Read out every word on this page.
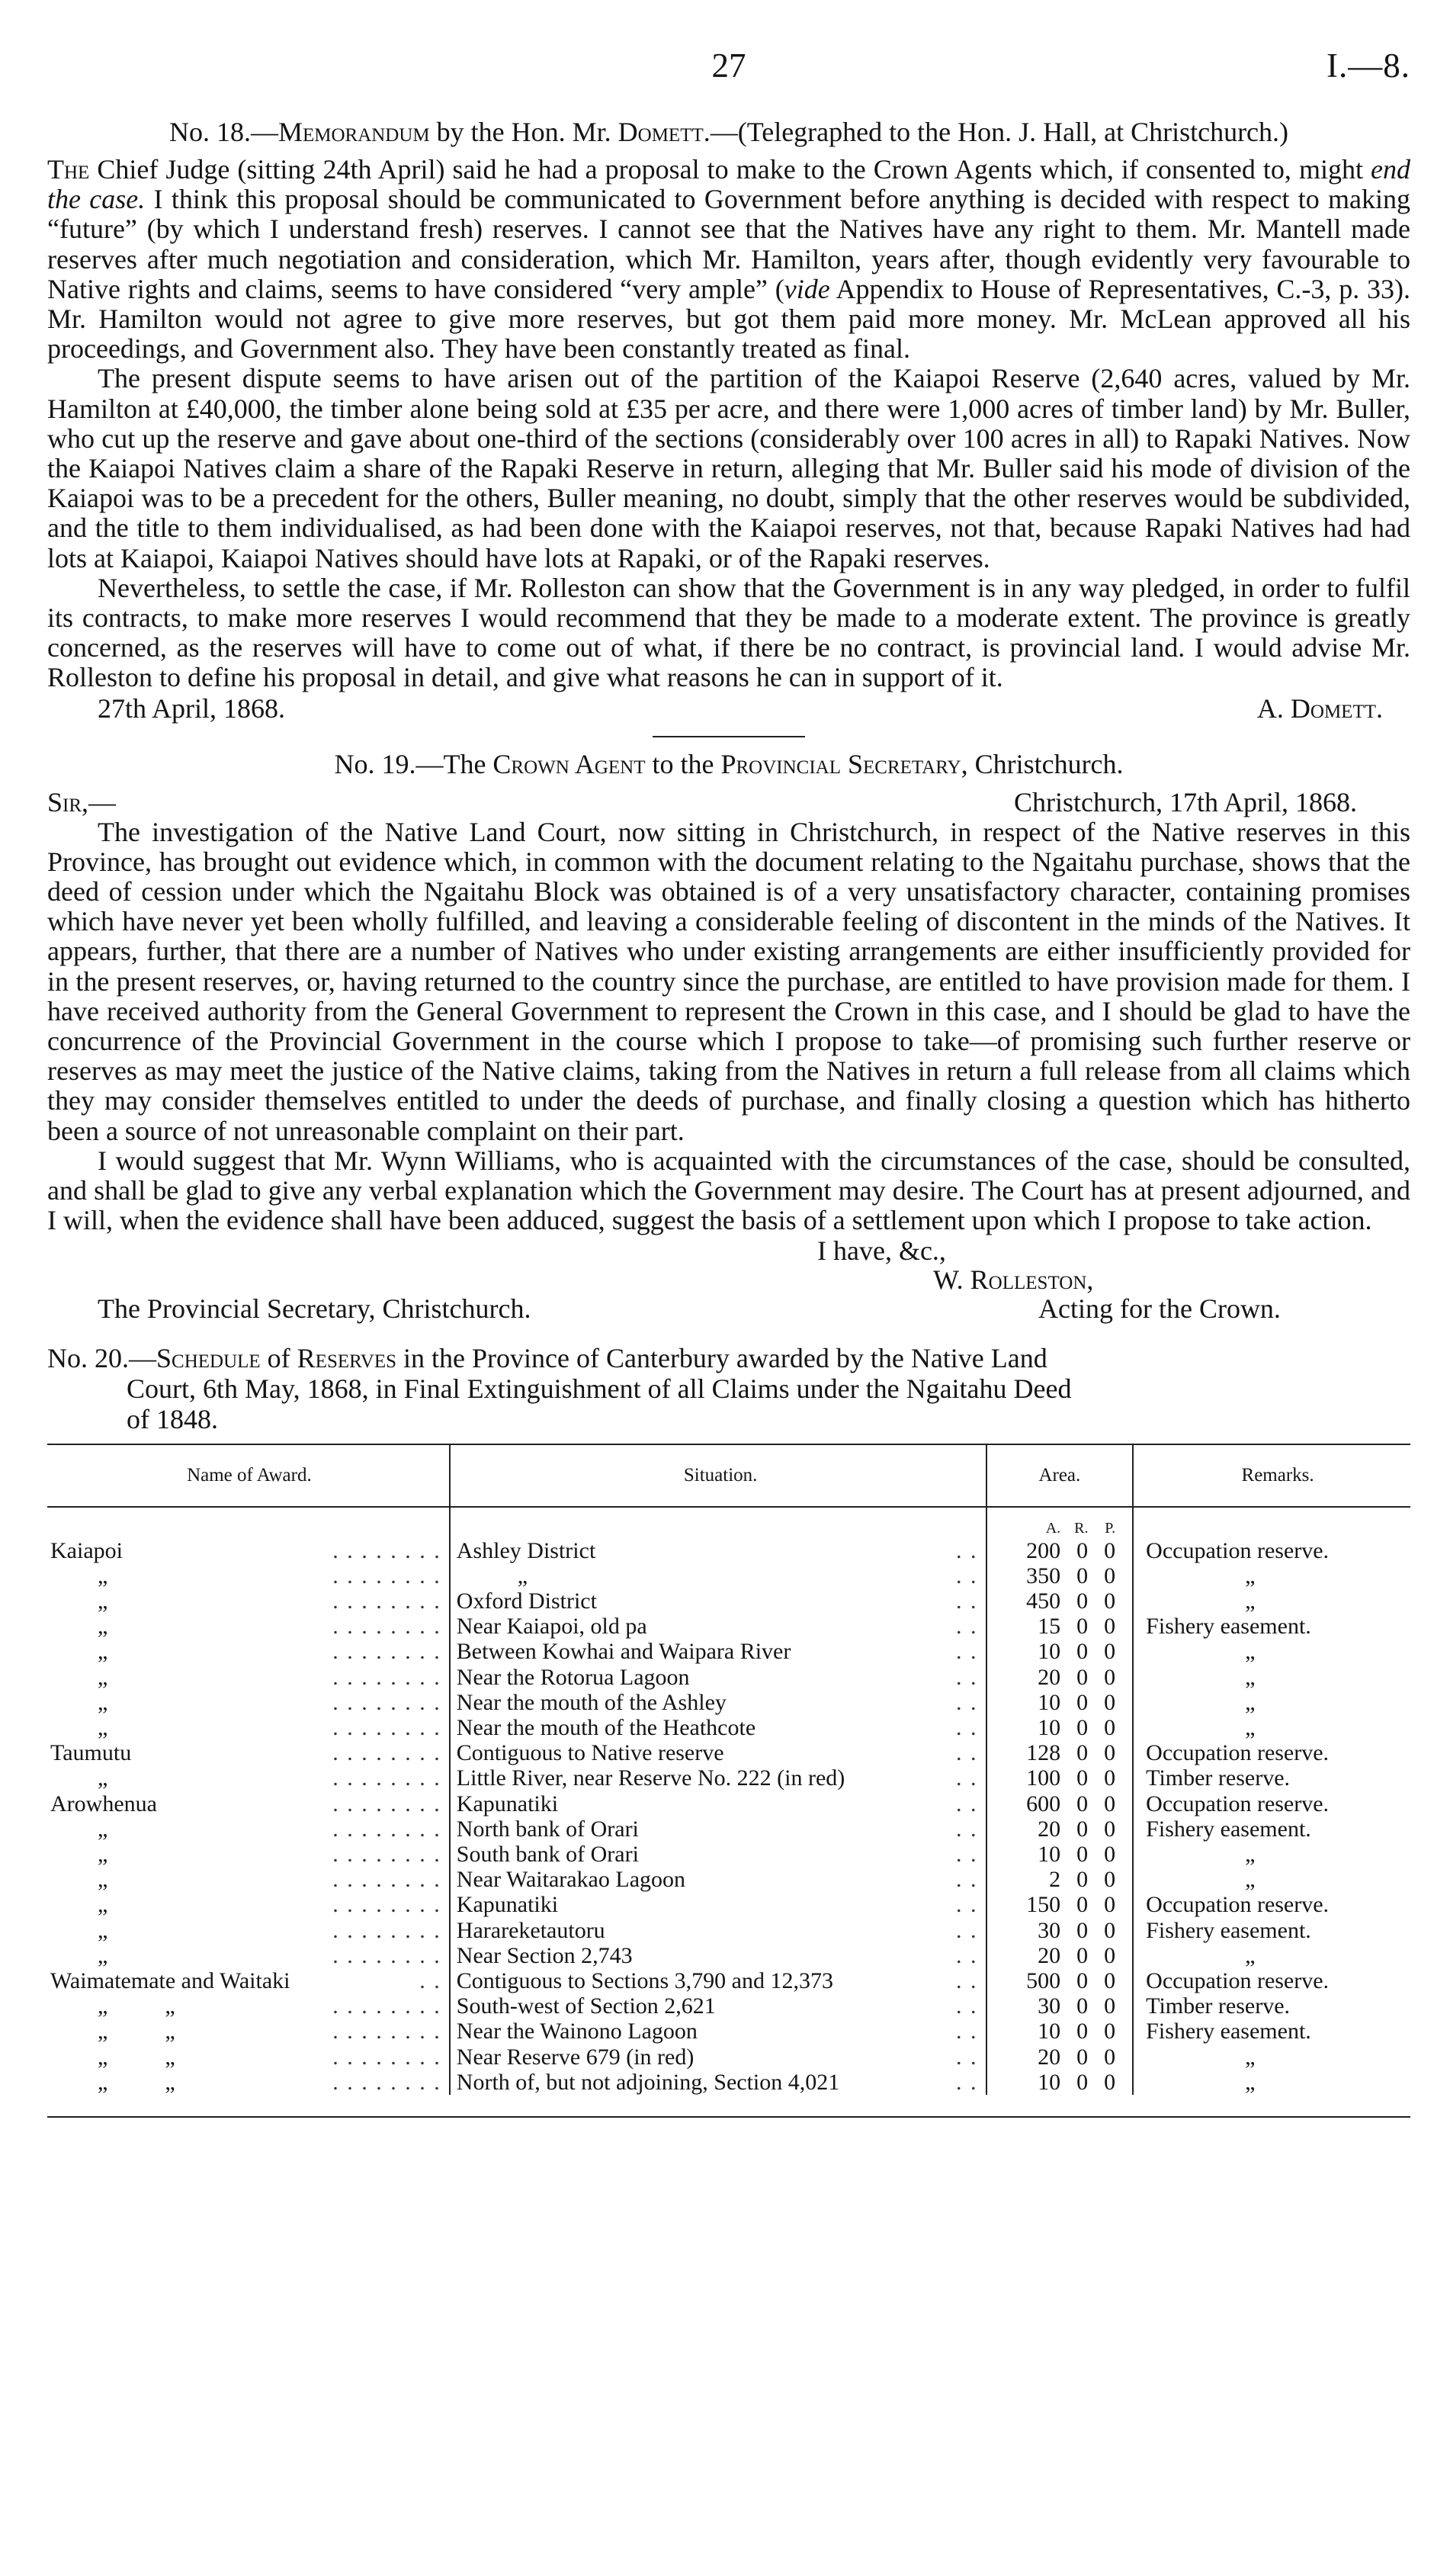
27	I.—8.
No. 18.—Memorandum by the Hon. Mr. Domett.—(Telegraphed to the Hon. J. Hall, at Christchurch.)

The Chief Judge (sitting 24th April) said he had a proposal to make to the Crown Agents which, if consented to, might end the case. I think this proposal should be communicated to Government before anything is decided with respect to making “future” (by which I understand fresh) reserves. I cannot see that the Natives have any right to them. Mr. Mantell made reserves after much negotiation and consideration, which Mr. Hamilton, years after, though evidently very favourable to Native rights and claims, seems to have considered “very ample” (vide Appendix to House of Representatives, C.-3, p. 33). Mr. Hamilton would not agree to give more reserves, but got them paid more money. Mr. McLean approved all his proceedings, and Government also. They have been constantly treated as final.

The present dispute seems to have arisen out of the partition of the Kaiapoi Reserve (2,640 acres, valued by Mr. Hamilton at £40,000, the timber alone being sold at £35 per acre, and there were 1,000 acres of timber land) by Mr. Buller, who cut up the reserve and gave about one-third of the sections (considerably over 100 acres in all) to Rapaki Natives. Now the Kaiapoi Natives claim a share of the Rapaki Reserve in return, alleging that Mr. Buller said his mode of division of the Kaiapoi was to be a precedent for the others, Buller meaning, no doubt, simply that the other reserves would be subdivided, and the title to them individualised, as had been done with the Kaiapoi reserves, not that, because Rapaki Natives had had lots at Kaiapoi, Kaiapoi Natives should have lots at Rapaki, or of the Rapaki reserves.

Nevertheless, to settle the case, if Mr. Rolleston can show that the Government is in any way pledged, in order to fulfil its contracts, to make more reserves I would recommend that they be made to a moderate extent. The province is greatly concerned, as the reserves will have to come out of what, if there be no contract, is provincial land. I would advise Mr. Rolleston to define his proposal in detail, and give what reasons he can in support of it.

27th April, 1868.	A. Domett.
No. 19.—The Crown Agent to the Provincial Secretary, Christchurch.
Sir,—	Christchurch, 17th April, 1868.

The investigation of the Native Land Court, now sitting in Christchurch, in respect of the Native reserves in this Province, has brought out evidence which, in common with the document relating to the Ngaitahu purchase, shows that the deed of cession under which the Ngaitahu Block was obtained is of a very unsatisfactory character, containing promises which have never yet been wholly fulfilled, and leaving a considerable feeling of discontent in the minds of the Natives. It appears, further, that there are a number of Natives who under existing arrangements are either insufficiently provided for in the present reserves, or, having returned to the country since the purchase, are entitled to have provision made for them. I have received authority from the General Government to represent the Crown in this case, and I should be glad to have the concurrence of the Provincial Government in the course which I propose to take—of promising such further reserve or reserves as may meet the justice of the Native claims, taking from the Natives in return a full release from all claims which they may consider themselves entitled to under the deeds of purchase, and finally closing a question which has hitherto been a source of not unreasonable complaint on their part.

I would suggest that Mr. Wynn Williams, who is acquainted with the circumstances of the case, should be consulted, and shall be glad to give any verbal explanation which the Government may desire. The Court has at present adjourned, and I will, when the evidence shall have been adduced, suggest the basis of a settlement upon which I propose to take action.

I have, &c.,
W. Rolleston,
The Provincial Secretary, Christchurch.	Acting for the Crown.
No. 20.—Schedule of Reserves in the Province of Canterbury awarded by the Native Land
Court, 6th May, 1868, in Final Extinguishment of all Claims under the Ngaitahu Deed
of 1848.
Name of Award.	Situation.	Area.	Remarks.

		A. R. P.	

Kaiapoi . . . . . . . .	Ashley District . .	200 0 0	Occupation reserve.
„ . . . . . . . .	„ . .	350 0 0	„
„ . . . . . . . .	Oxford District . .	450 0 0	„
„ . . . . . . . .	Near Kaiapoi, old pa . .	15 0 0	Fishery easement.
„ . . . . . . . .	Between Kowhai and Waipara River . .	10 0 0	„
„ . . . . . . . .	Near the Rotorua Lagoon . .	20 0 0	„
„ . . . . . . . .	Near the mouth of the Ashley . .	10 0 0	„
„ . . . . . . . .	Near the mouth of the Heathcote . .	10 0 0	„
Taumutu . . . . . . . .	Contiguous to Native reserve . .	128 0 0	Occupation reserve.
„ . . . . . . . .	Little River, near Reserve No. 222 (in red) . .	100 0 0	Timber reserve.
Arowhenua . . . . . . . .	Kapunatiki . .	600 0 0	Occupation reserve.
„ . . . . . . . .	North bank of Orari . .	20 0 0	Fishery easement.
„ . . . . . . . .	South bank of Orari . .	10 0 0	„
„ . . . . . . . .	Near Waitarakao Lagoon . .	2 0 0	„
„ . . . . . . . .	Kapunatiki . .	150 0 0	Occupation reserve.
„ . . . . . . . .	Harareketautoru . .	30 0 0	Fishery easement.
„ . . . . . . . .	Near Section 2,743 . .	20 0 0	„
Waimatemate and Waitaki . .	Contiguous to Sections 3,790 and 12,373 . .	500 0 0	Occupation reserve.
„          „ . . . . . . . .	South-west of Section 2,621 . .	30 0 0	Timber reserve.
„          „ . . . . . . . .	Near the Wainono Lagoon . .	10 0 0	Fishery easement.
„          „ . . . . . . . .	Near Reserve 679 (in red) . .	20 0 0	„
„          „ . . . . . . . .	North of, but not adjoining, Section 4,021 . .	10 0 0	„
